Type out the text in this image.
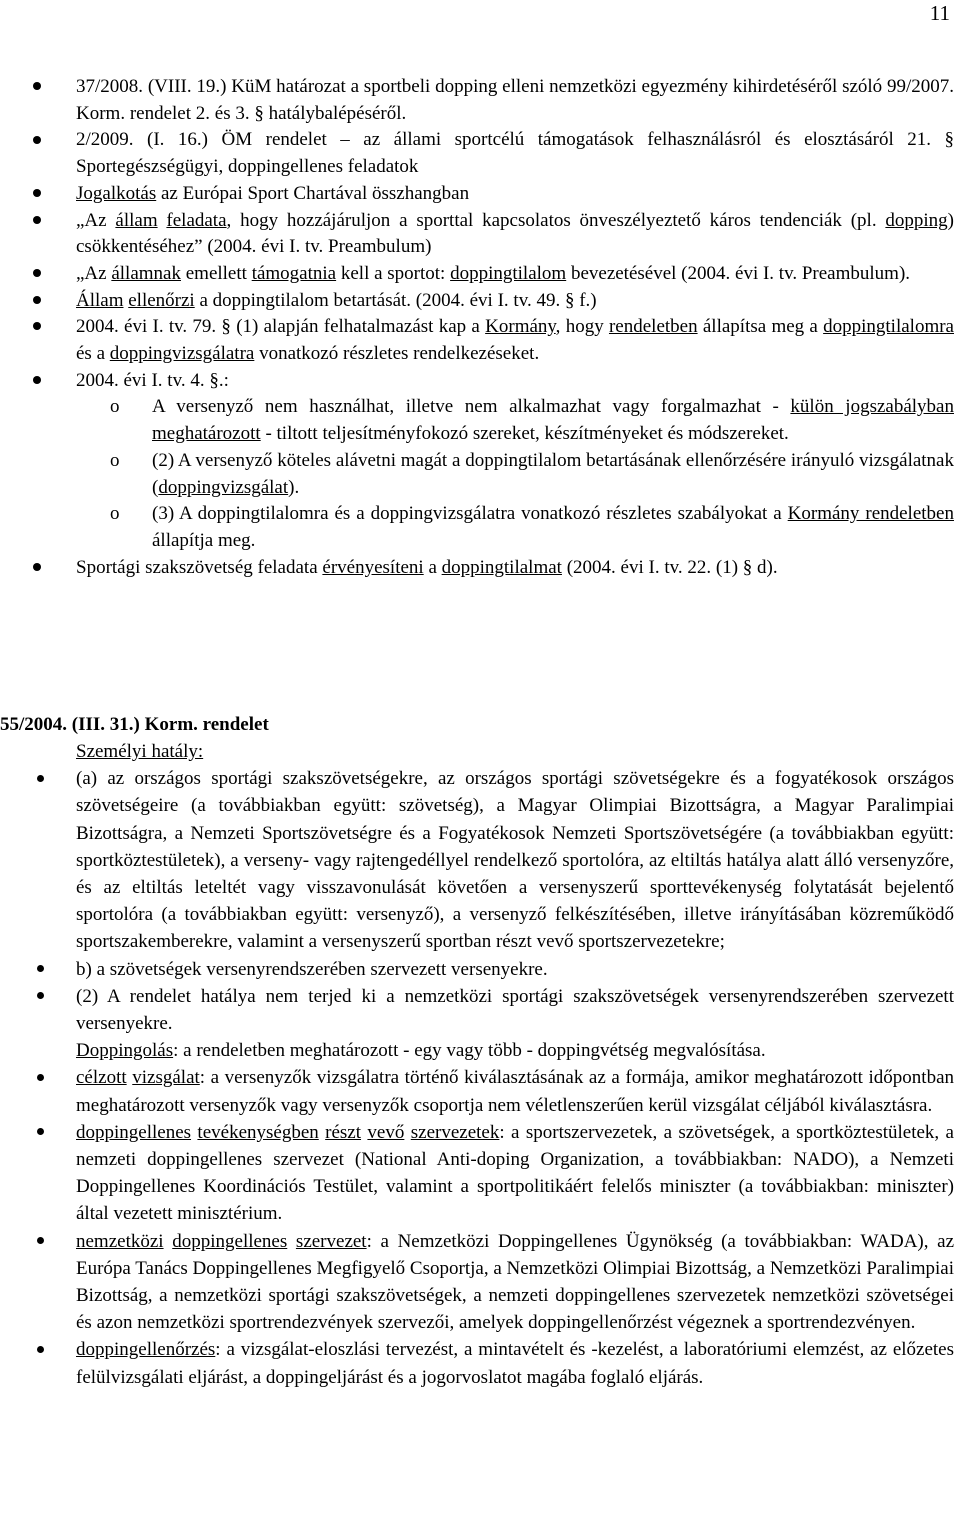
11
37/2008. (VIII. 19.) KüM határozat a sportbeli dopping elleni nemzetközi egyezmény kihirdetéséről szóló 99/2007. Korm. rendelet 2. és 3. § hatálybalépéséről.
2/2009. (I. 16.) ÖM rendelet – az állami sportcélú támogatások felhasználásról és elosztásáról 21. § Sportegészségügyi, doppingellenes feladatok
Jogalkotás az Európai Sport Chartával összhangban
„Az állam feladata, hogy hozzájáruljon a sporttal kapcsolatos önveszélyeztető káros tendenciák (pl. dopping) csökkentéséhez” (2004. évi I. tv. Preambulum)
„Az államnak emellett támogatnia kell a sportot: doppingtilalom bevezetésével (2004. évi I. tv. Preambulum).
Állam ellenőrzi a doppingtilalom betartását. (2004. évi I. tv. 49. § f.)
2004. évi I. tv. 79. § (1) alapján felhatalmazást kap a Kormány, hogy rendeletben állapítsa meg a doppingtilalomra és a doppingvizsgálatra vonatkozó részletes rendelkezéseket.
2004. évi I. tv. 4. §.:
o A versenyző nem használhat, illetve nem alkalmazhat vagy forgalmazhat - külön jogszabályban meghatározott - tiltott teljesítményfokozó szereket, készítményeket és módszereket.
o (2) A versenyző köteles alávetni magát a doppingtilalom betartásának ellenőrzésére irányuló vizsgálatnak (doppingvizsgálat).
o (3) A doppingtilalomra és a doppingvizsgálatra vonatkozó részletes szabályokat a Kormány rendeletben állapítja meg.
Sportági szakszövetség feladata érvényesíteni a doppingtilalmat (2004. évi I. tv. 22. (1) § d).
55/2004. (III. 31.) Korm. rendelet
Személyi hatály:
(a) az országos sportági szakszövetségekre, az országos sportági szövetségekre és a fogyatékosok országos szövetségeire (a továbbiakban együtt: szövetség), a Magyar Olimpiai Bizottságra, a Magyar Paralimpiai Bizottságra, a Nemzeti Sportszövetségre és a Fogyatékosok Nemzeti Sportszövetségére (a továbbiakban együtt: sportköztestületek), a verseny- vagy rajtengedéllyel rendelkező sportolóra, az eltiltás hatálya alatt álló versenyzőre, és az eltiltás leteltét vagy visszavonulását követően a versenyszerű sporttevékenység folytatását bejelentő sportolóra (a továbbiakban együtt: versenyző), a versenyző felkészítésében, illetve irányításában közreműködő sportszakemberekre, valamint a versenyszerű sportban részt vevő sportszervezetekre;
b) a szövetségek versenyrendszerében szervezett versenyekre.
(2) A rendelet hatálya nem terjed ki a nemzetközi sportági szakszövetségek versenyrendszerében szervezett versenyekre.
Doppingolás: a rendeletben meghatározott - egy vagy több - doppingvétség megvalósítása.
célzott vizsgálat: a versenyzők vizsgálatra történő kiválasztásának az a formája, amikor meghatározott időpontban meghatározott versenyzők vagy versenyzők csoportja nem véletlenszerűen kerül vizsgálat céljából kiválasztásra.
doppingellenes tevékenységben részt vevő szervezetek: a sportszervezetek, a szövetségek, a sportköztestületek, a nemzeti doppingellenes szervezet (National Anti-doping Organization, a továbbiakban: NADO), a Nemzeti Doppingellenes Koordinációs Testület, valamint a sportpolitikáért felelős miniszter (a továbbiakban: miniszter) által vezetett minisztérium.
nemzetközi doppingellenes szervezet: a Nemzetközi Doppingellenes Ügynökség (a továbbiakban: WADA), az Európa Tanács Doppingellenes Megfigyelő Csoportja, a Nemzetközi Olimpiai Bizottság, a Nemzetközi Paralimpiai Bizottság, a nemzetközi sportági szakszövetségek, a nemzeti doppingellenes szervezetek nemzetközi szövetségei és azon nemzetközi sportrendezvények szervezői, amelyek doppingellenőrzést végeznek a sportrendezvényen.
doppingellenőrzés: a vizsgálat-eloszlási tervezést, a mintavételt és -kezelést, a laboratóriumi elemzést, az előzetes felülvizsgálati eljárást, a doppingeljárást és a jogorvoslatot magába foglaló eljárás.
